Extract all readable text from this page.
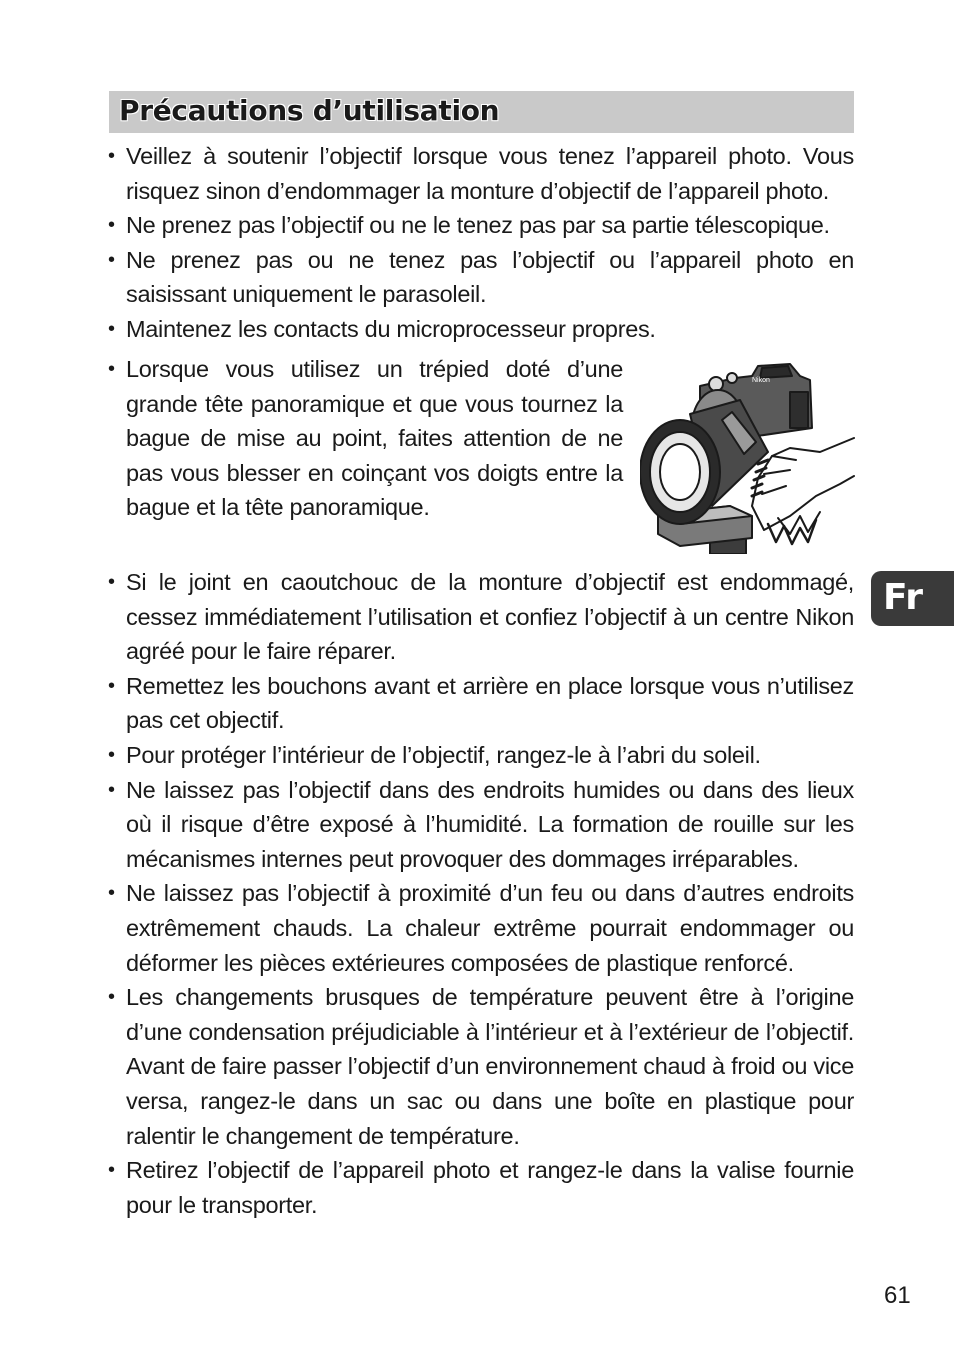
Précautions d’utilisation
• Veillez à soutenir l’objectif lorsque vous tenez l’appareil photo. Vous risquez sinon d’endommager la monture d’objectif de l’appareil photo.
• Ne prenez pas l’objectif ou ne le tenez pas par sa partie télescopique.
• Ne prenez pas ou ne tenez pas l’objectif ou l’appareil photo en saisissant uniquement le parasoleil.
• Maintenez les contacts du microprocesseur propres.
• Lorsque vous utilisez un trépied doté d’une grande tête panoramique et que vous tournez la bague de mise au point, faites attention de ne pas vous blesser en coinçant vos doigts entre la bague et la tête panoramique.
Nikon
• Si le joint en caoutchouc de la monture d’objectif est endommagé, cessez immédiatement l’utilisation et confiez l’objectif à un centre Nikon agréé pour le faire réparer.
• Remettez les bouchons avant et arrière en place lorsque vous n’utilisez pas cet objectif.
• Pour protéger l’intérieur de l’objectif, rangez-le à l’abri du soleil.
• Ne laissez pas l’objectif dans des endroits humides ou dans des lieux où il risque d’être exposé à l’humidité. La formation de rouille sur les mécanismes internes peut provoquer des dommages irréparables.
• Ne laissez pas l’objectif à proximité d’un feu ou dans d’autres endroits extrêmement chauds. La chaleur extrême pourrait endommager ou déformer les pièces extérieures composées de plastique renforcé.
• Les changements brusques de température peuvent être à l’origine d’une condensation préjudiciable à l’intérieur et à l’extérieur de l’objectif. Avant de faire passer l’objectif d’un environnement chaud à froid ou vice versa, rangez-le dans un sac ou dans une boîte en plastique pour ralentir le changement de température.
• Retirez l’objectif de l’appareil photo et rangez-le dans la valise fournie pour le transporter.
Fr
61
